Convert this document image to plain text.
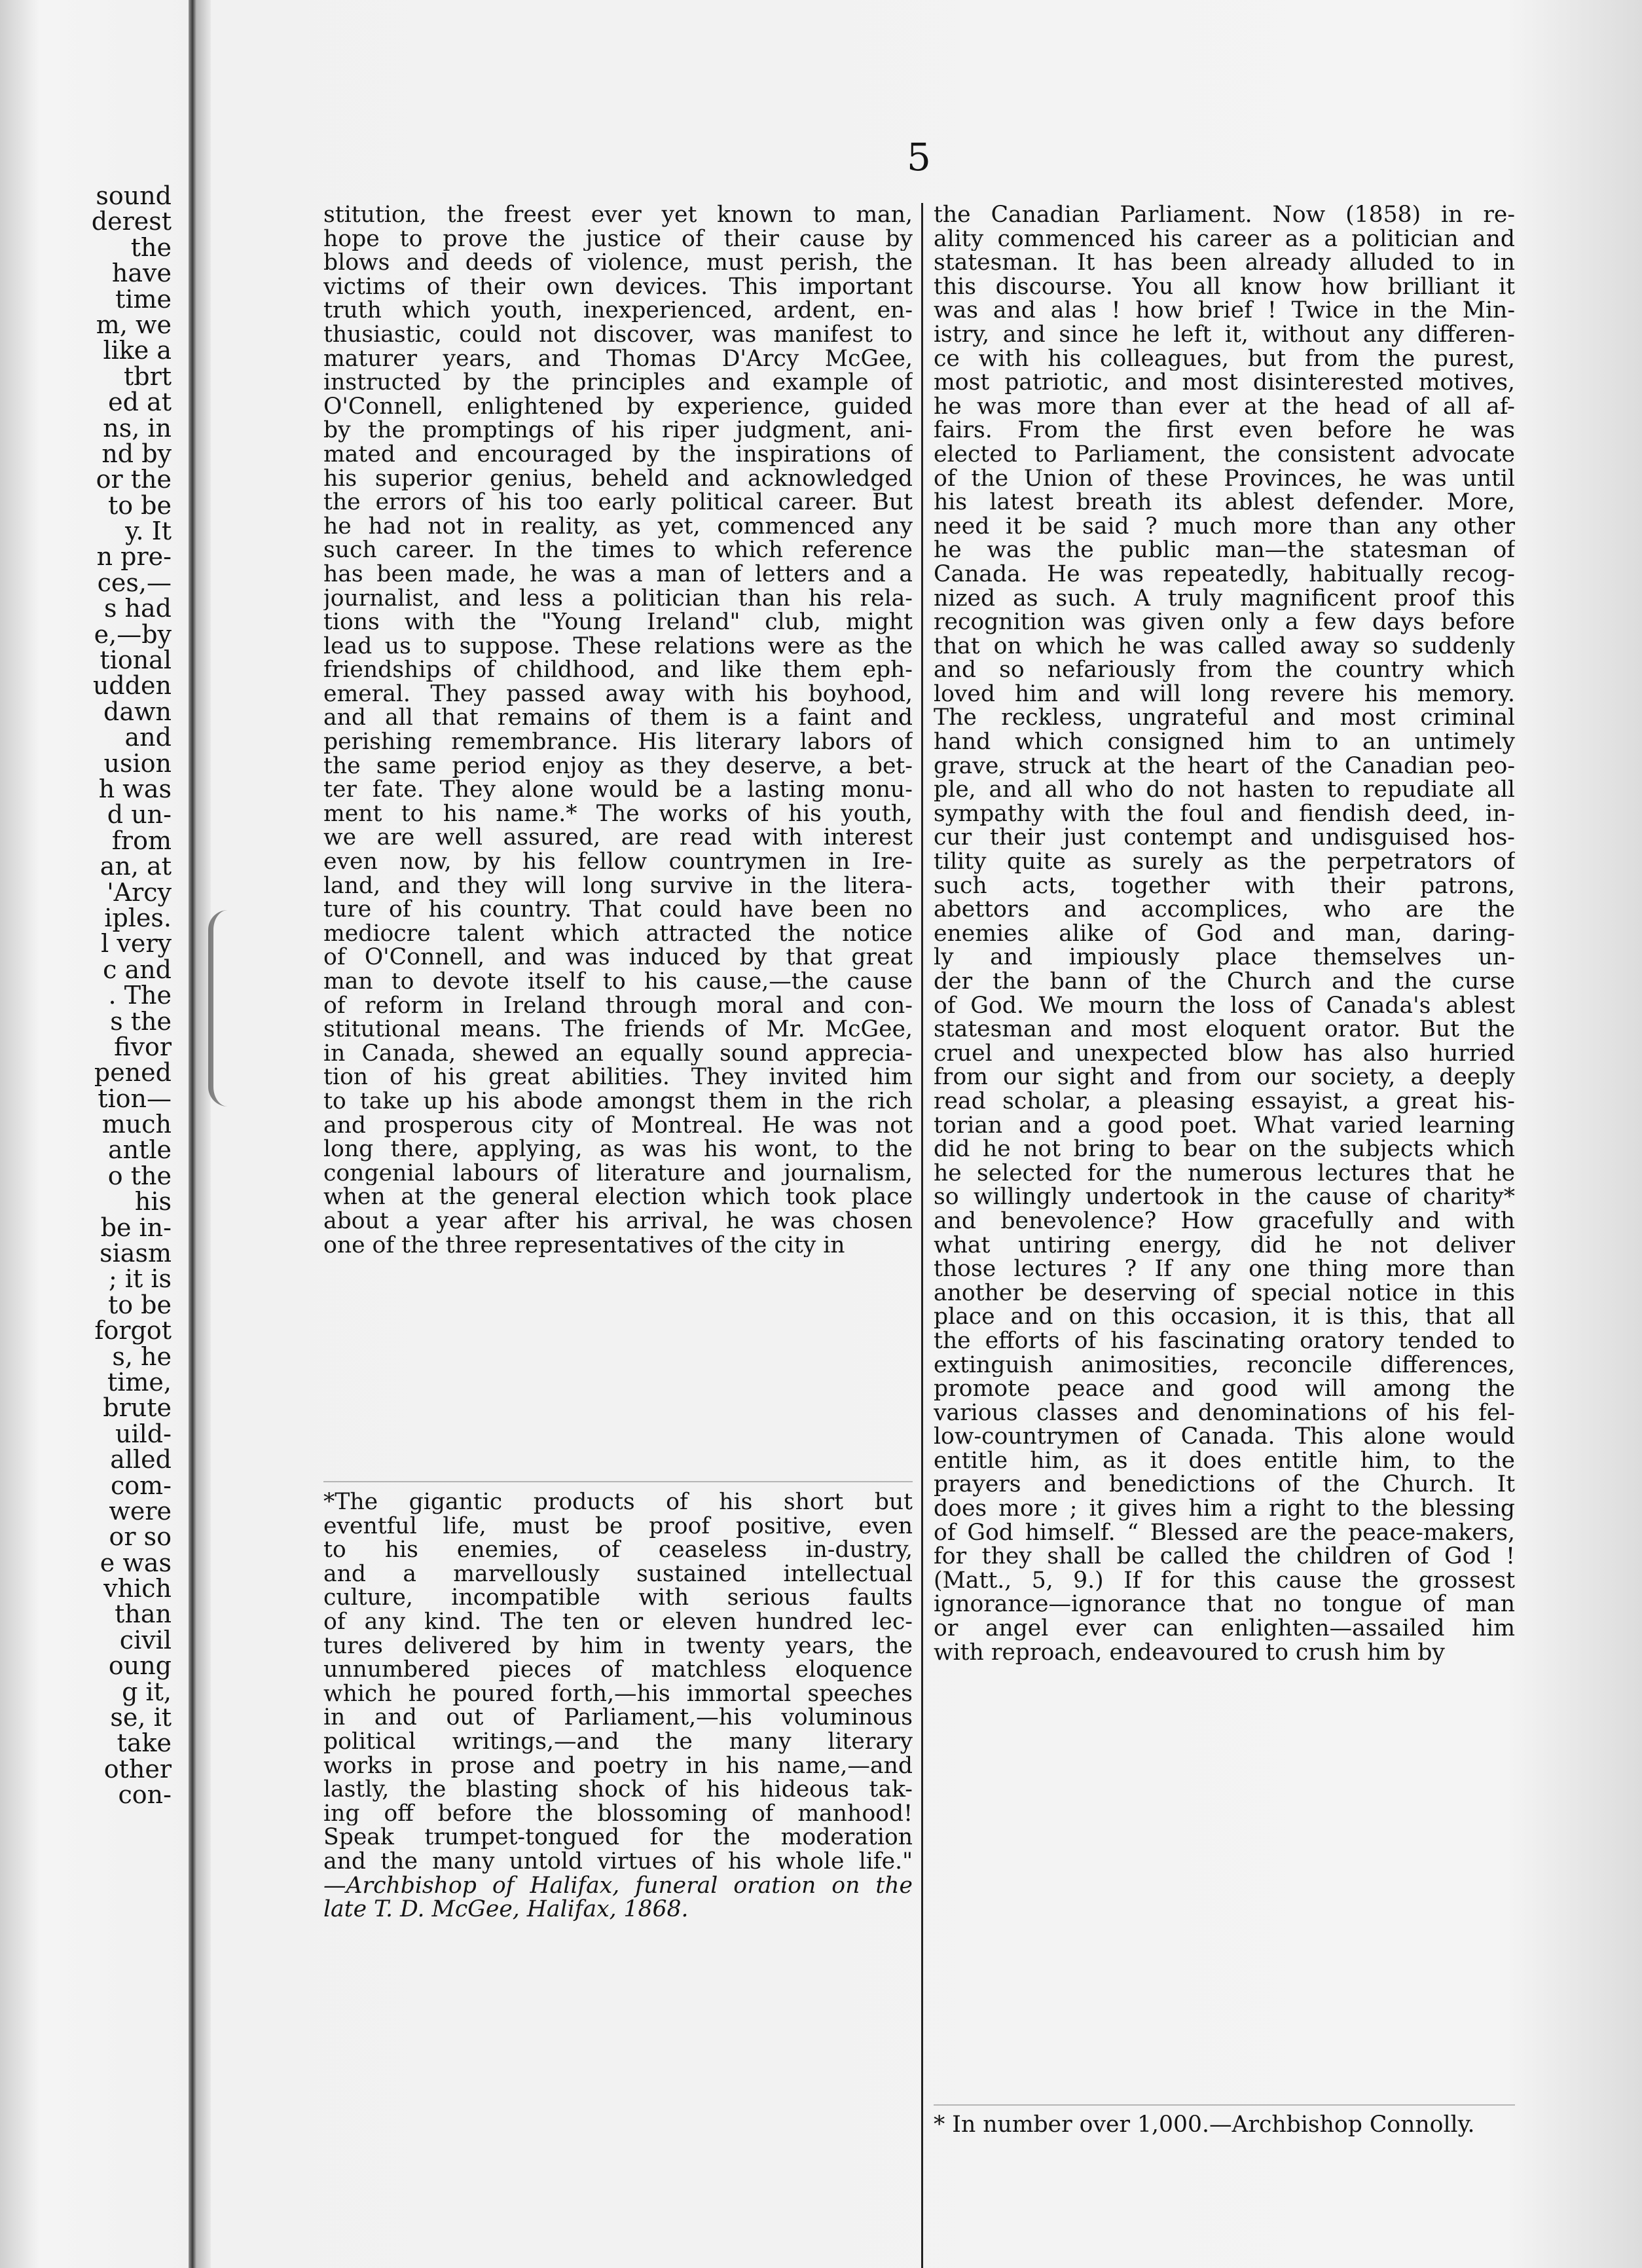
sound
derest
the
have
time
m, we
like a
tbrt
ed at
ns, in
nd by
or the
to be
y. It
n pre-
ces,—
s had
e,—by
tional
udden
dawn
and
usion
h was
d un-
from
an, at
'Arcy
iples.
l very
c and
. The
s the
fivor
pened
tion—
much
antle
o the
his
be in-
siasm
; it is
to be
forgot
s, he
time,
brute
uild-
alled
com-
were
or so
e was
vhich
than
civil
oung
g it,
se, it
take
other
con-
5
stitution, the freest ever yet known to man,
hope to prove the justice of their cause by
blows and deeds of violence, must perish, the
victims of their own devices. This important
truth which youth, inexperienced, ardent, en-
thusiastic, could not discover, was manifest to
maturer years, and Thomas D'Arcy McGee,
instructed by the principles and example of
O'Connell, enlightened by experience, guided
by the promptings of his riper judgment, ani-
mated and encouraged by the inspirations of
his superior genius, beheld and acknowledged
the errors of his too early political career. But
he had not in reality, as yet, commenced any
such career. In the times to which reference
has been made, he was a man of letters and a
journalist, and less a politician than his rela-
tions with the "Young Ireland" club, might
lead us to suppose. These relations were as the
friendships of childhood, and like them eph-
emeral. They passed away with his boyhood,
and all that remains of them is a faint and
perishing remembrance. His literary labors of
the same period enjoy as they deserve, a bet-
ter fate. They alone would be a lasting monu-
ment to his name.* The works of his youth,
we are well assured, are read with interest
even now, by his fellow countrymen in Ire-
land, and they will long survive in the litera-
ture of his country. That could have been no
mediocre talent which attracted the notice
of O'Connell, and was induced by that great
man to devote itself to his cause,—the cause
of reform in Ireland through moral and con-
stitutional means. The friends of Mr. McGee,
in Canada, shewed an equally sound apprecia-
tion of his great abilities. They invited him
to take up his abode amongst them in the rich
and prosperous city of Montreal. He was not
long there, applying, as was his wont, to the
congenial labours of literature and journalism,
when at the general election which took place
about a year after his arrival, he was chosen
one of the three representatives of the city in
*The gigantic products of his short but
eventful life, must be proof positive, even
to his enemies, of ceaseless in-dustry,
and a marvellously sustained intellectual
culture, incompatible with serious faults
of any kind. The ten or eleven hundred lec-
tures delivered by him in twenty years, the
unnumbered pieces of matchless eloquence
which he poured forth,—his immortal speeches
in and out of Parliament,—his voluminous
political writings,—and the many literary
works in prose and poetry in his name,—and
lastly, the blasting shock of his hideous tak-
ing off before the blossoming of manhood!
Speak trumpet-tongued for the moderation
and the many untold virtues of his whole life."
—Archbishop of Halifax, funeral oration on the
late T. D. McGee, Halifax, 1868.
the Canadian Parliament. Now (1858) in re-
ality commenced his career as a politician and
statesman. It has been already alluded to in
this discourse. You all know how brilliant it
was and alas ! how brief ! Twice in the Min-
istry, and since he left it, without any differen-
ce with his colleagues, but from the purest,
most patriotic, and most disinterested motives,
he was more than ever at the head of all af-
fairs. From the first even before he was
elected to Parliament, the consistent advocate
of the Union of these Provinces, he was until
his latest breath its ablest defender. More,
need it be said ? much more than any other
he was the public man—the statesman of
Canada. He was repeatedly, habitually recog-
nized as such. A truly magnificent proof this
recognition was given only a few days before
that on which he was called away so suddenly
and so nefariously from the country which
loved him and will long revere his memory.
The reckless, ungrateful and most criminal
hand which consigned him to an untimely
grave, struck at the heart of the Canadian peo-
ple, and all who do not hasten to repudiate all
sympathy with the foul and fiendish deed, in-
cur their just contempt and undisguised hos-
tility quite as surely as the perpetrators of
such acts, together with their patrons,
abettors and accomplices, who are the
enemies alike of God and man, daring-
ly and impiously place themselves un-
der the bann of the Church and the curse
of God. We mourn the loss of Canada's ablest
statesman and most eloquent orator. But the
cruel and unexpected blow has also hurried
from our sight and from our society, a deeply
read scholar, a pleasing essayist, a great his-
torian and a good poet. What varied learning
did he not bring to bear on the subjects which
he selected for the numerous lectures that he
so willingly undertook in the cause of charity*
and benevolence? How gracefully and with
what untiring energy, did he not deliver
those lectures ? If any one thing more than
another be deserving of special notice in this
place and on this occasion, it is this, that all
the efforts of his fascinating oratory tended to
extinguish animosities, reconcile differences,
promote peace and good will among the
various classes and denominations of his fel-
low-countrymen of Canada. This alone would
entitle him, as it does entitle him, to the
prayers and benedictions of the Church. It
does more ; it gives him a right to the blessing
of God himself. “ Blessed are the peace-makers,
for they shall be called the children of God !
(Matt., 5, 9.) If for this cause the grossest
ignorance—ignorance that no tongue of man
or angel ever can enlighten—assailed him
with reproach, endeavoured to crush him by
* In number over 1,000.—Archbishop Connolly.
